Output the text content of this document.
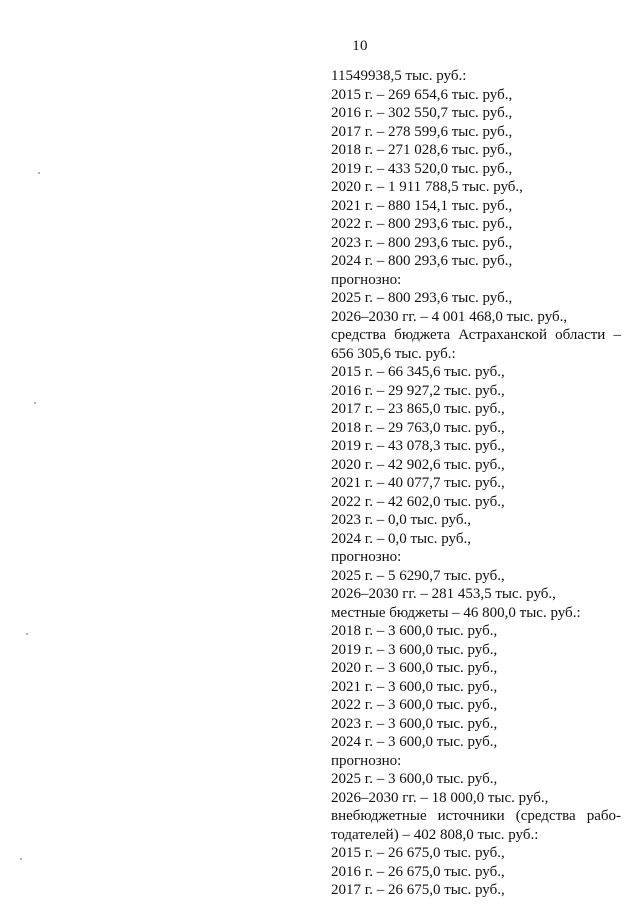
10
11549938,5 тыс. руб.:
2015 г. – 269 654,6 тыс. руб.,
2016 г. – 302 550,7 тыс. руб.,
2017 г. – 278 599,6 тыс. руб.,
2018 г. – 271 028,6 тыс. руб.,
2019 г. – 433 520,0 тыс. руб.,
2020 г. – 1 911 788,5 тыс. руб.,
2021 г. – 880 154,1 тыс. руб.,
2022 г. – 800 293,6 тыс. руб.,
2023 г. – 800 293,6 тыс. руб.,
2024 г. – 800 293,6 тыс. руб.,
прогнозно:
2025 г. – 800 293,6 тыс. руб.,
2026–2030 гг. – 4 001 468,0 тыс. руб.,
средства бюджета Астраханской области –
656 305,6 тыс. руб.:
2015 г. – 66 345,6 тыс. руб.,
2016 г. – 29 927,2 тыс. руб.,
2017 г. – 23 865,0 тыс. руб.,
2018 г. – 29 763,0 тыс. руб.,
2019 г. – 43 078,3 тыс. руб.,
2020 г. – 42 902,6 тыс. руб.,
2021 г. – 40 077,7 тыс. руб.,
2022 г. – 42 602,0 тыс. руб.,
2023 г. – 0,0 тыс. руб.,
2024 г. – 0,0 тыс. руб.,
прогнозно:
2025 г. – 5 6290,7 тыс. руб.,
2026–2030 гг. – 281 453,5 тыс. руб.,
местные бюджеты – 46 800,0 тыс. руб.:
2018 г. – 3 600,0 тыс. руб.,
2019 г. – 3 600,0 тыс. руб.,
2020 г. – 3 600,0 тыс. руб.,
2021 г. – 3 600,0 тыс. руб.,
2022 г. – 3 600,0 тыс. руб.,
2023 г. – 3 600,0 тыс. руб.,
2024 г. – 3 600,0 тыс. руб.,
прогнозно:
2025 г. – 3 600,0 тыс. руб.,
2026–2030 гг. – 18 000,0 тыс. руб.,
внебюджетные источники (средства рабо-
тодателей) – 402 808,0 тыс. руб.:
2015 г. – 26 675,0 тыс. руб.,
2016 г. – 26 675,0 тыс. руб.,
2017 г. – 26 675,0 тыс. руб.,
